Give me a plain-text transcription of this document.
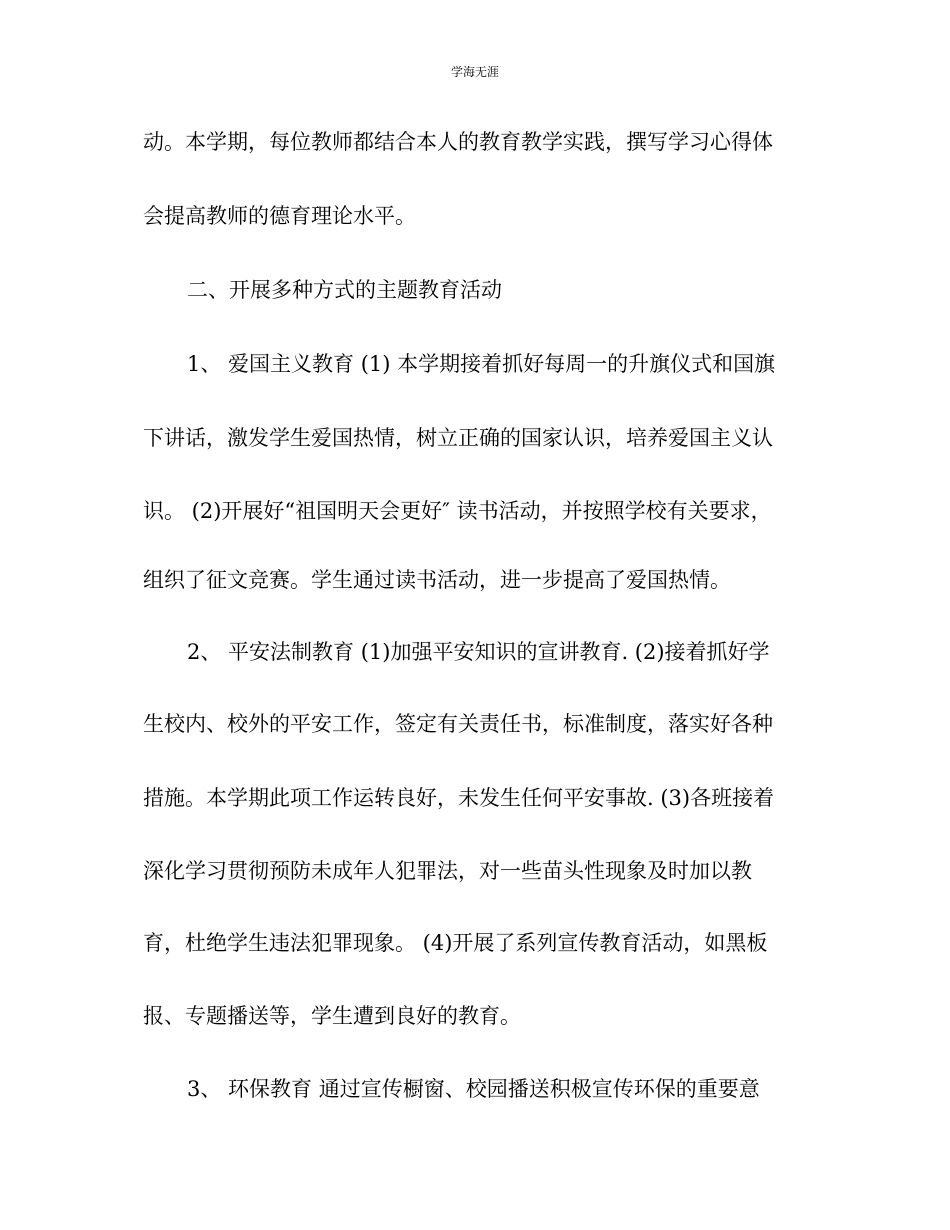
学海无涯
动。本学期，每位教师都结合本人的教育教学实践，撰写学习心得体
会提高教师的德育理论水平。
二、开展多种方式的主题教育活动
1、 爱国主义教育 (1) 本学期接着抓好每周一的升旗仪式和国旗
下讲话，激发学生爱国热情，树立正确的国家认识，培养爱国主义认
识。 (2)开展好“祖国明天会更好″ 读书活动，并按照学校有关要求，
组织了征文竞赛。学生通过读书活动，进一步提高了爱国热情。
2、 平安法制教育 (1)加强平安知识的宣讲教育. (2)接着抓好学
生校内、校外的平安工作，签定有关责任书，标准制度，落实好各种
措施。本学期此项工作运转良好，未发生任何平安事故. (3)各班接着
深化学习贯彻预防未成年人犯罪法，对一些苗头性现象及时加以教
育，杜绝学生违法犯罪现象。 (4)开展了系列宣传教育活动，如黑板
报、专题播送等，学生遭到良好的教育。
3、 环保教育 通过宣传橱窗、校园播送积极宣传环保的重要意
